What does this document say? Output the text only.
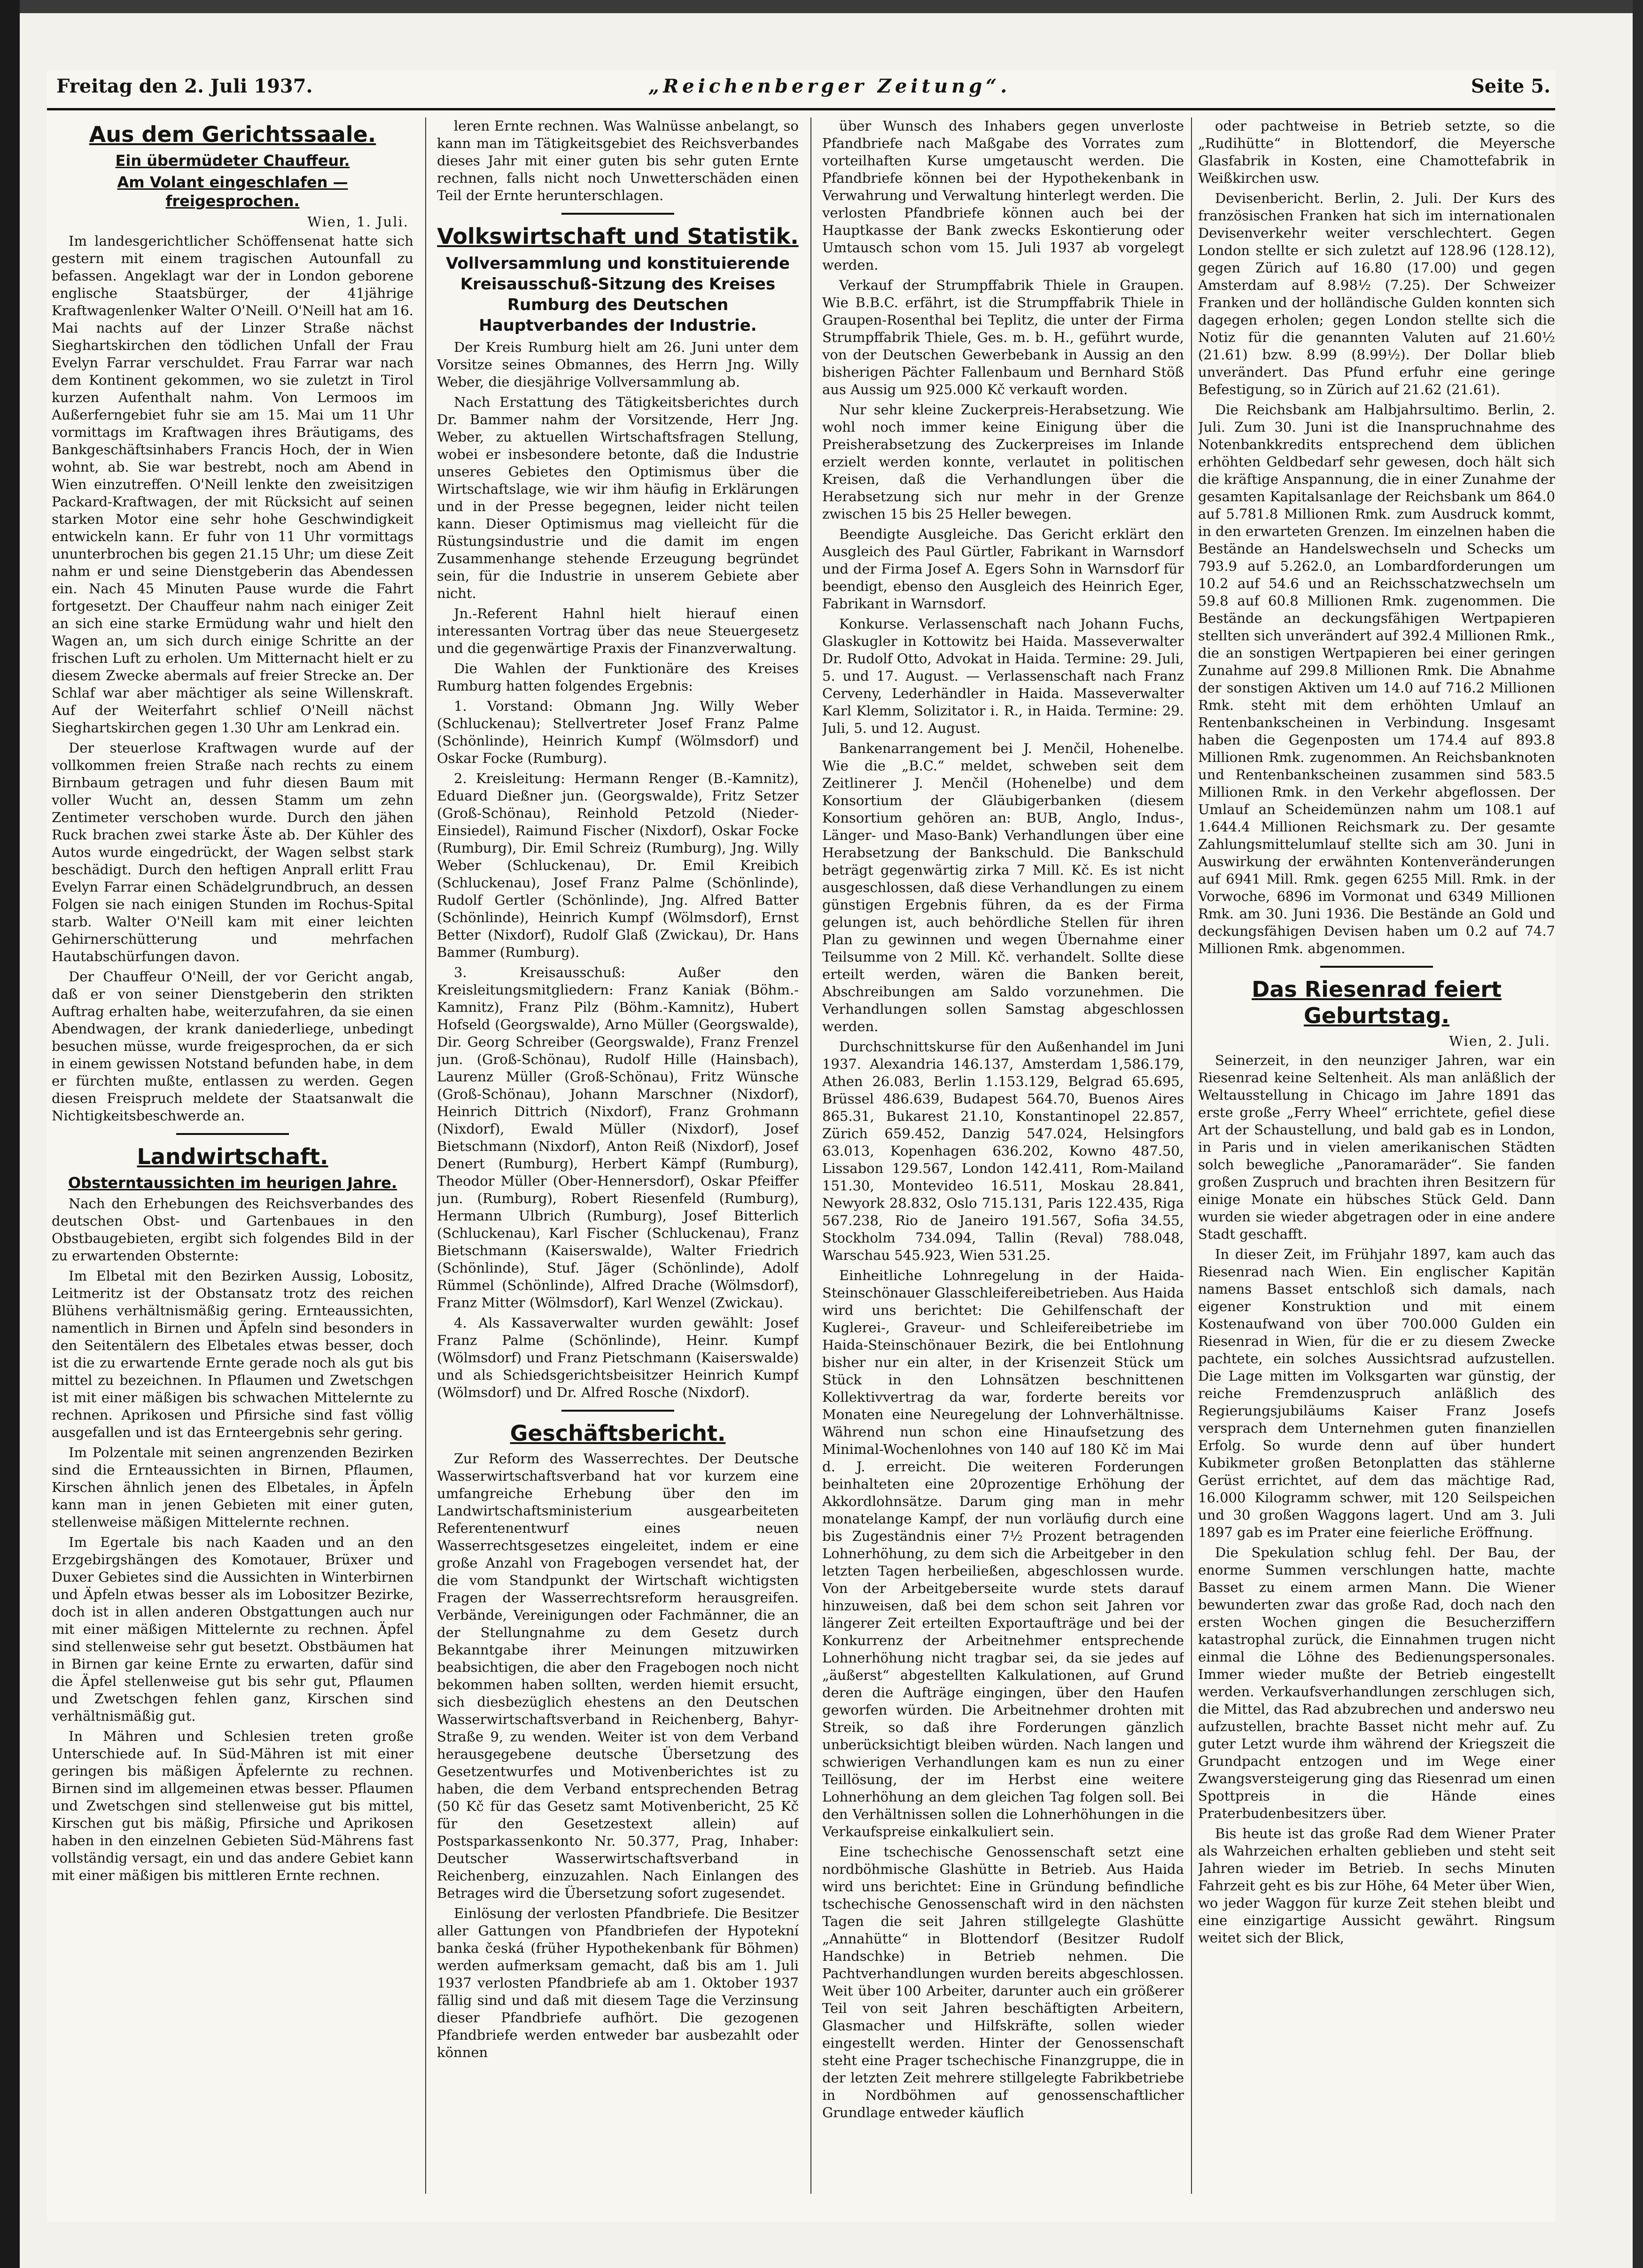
Freitag den 2. Juli 1937.	„Reichenberger Zeitung“.	Seite 5.
Aus dem Gerichtssaale.
Ein übermüdeter Chauffeur.
Am Volant eingeschlafen — freigesprochen.
Wien, 1. Juli.

Im landesgerichtlicher Schöffensenat hatte sich gestern mit einem tragischen Autounfall zu befassen. Angeklagt war der in London geborene englische Staatsbürger, der 41jährige Kraftwagenlenker Walter O'Neill. O'Neill hat am 16. Mai nachts auf der Linzer Straße nächst Sieghartskirchen den tödlichen Unfall der Frau Evelyn Farrar verschuldet. Frau Farrar war nach dem Kontinent gekommen, wo sie zuletzt in Tirol kurzen Aufenthalt nahm. Von Lermoos im Außerferngebiet fuhr sie am 15. Mai um 11 Uhr vormittags im Kraftwagen ihres Bräutigams, des Bankgeschäftsinhabers Francis Hoch, der in Wien wohnt, ab. Sie war bestrebt, noch am Abend in Wien einzutreffen. O'Neill lenkte den zweisitzigen Packard-Kraftwagen, der mit Rücksicht auf seinen starken Motor eine sehr hohe Geschwindigkeit entwickeln kann. Er fuhr von 11 Uhr vormittags ununterbrochen bis gegen 21.15 Uhr; um diese Zeit nahm er und seine Dienstgeberin das Abendessen ein. Nach 45 Minuten Pause wurde die Fahrt fortgesetzt. Der Chauffeur nahm nach einiger Zeit an sich eine starke Ermüdung wahr und hielt den Wagen an, um sich durch einige Schritte an der frischen Luft zu erholen. Um Mitternacht hielt er zu diesem Zwecke abermals auf freier Strecke an. Der Schlaf war aber mächtiger als seine Willenskraft. Auf der Weiterfahrt schlief O'Neill nächst Sieghartskirchen gegen 1.30 Uhr am Lenkrad ein.

Der steuerlose Kraftwagen wurde auf der vollkommen freien Straße nach rechts zu einem Birnbaum getragen und fuhr diesen Baum mit voller Wucht an, dessen Stamm um zehn Zentimeter verschoben wurde. Durch den jähen Ruck brachen zwei starke Äste ab. Der Kühler des Autos wurde eingedrückt, der Wagen selbst stark beschädigt. Durch den heftigen Anprall erlitt Frau Evelyn Farrar einen Schädelgrundbruch, an dessen Folgen sie nach einigen Stunden im Rochus-Spital starb. Walter O'Neill kam mit einer leichten Gehirnerschütterung und mehrfachen Hautabschürfungen davon.

Der Chauffeur O'Neill, der vor Gericht angab, daß er von seiner Dienstgeberin den strikten Auftrag erhalten habe, weiterzufahren, da sie einen Abendwagen, der krank daniederliege, unbedingt besuchen müsse, wurde freigesprochen, da er sich in einem gewissen Notstand befunden habe, in dem er fürchten mußte, entlassen zu werden. Gegen diesen Freispruch meldete der Staatsanwalt die Nichtigkeitsbeschwerde an.

Landwirtschaft.
Obsterntaussichten im heurigen Jahre.

Nach den Erhebungen des Reichsverbandes des deutschen Obst- und Gartenbaues in den Obstbaugebieten, ergibt sich folgendes Bild in der zu erwartenden Obsternte:

Im Elbetal mit den Bezirken Aussig, Lobositz, Leitmeritz ist der Obstansatz trotz des reichen Blühens verhältnismäßig gering. Ernteaussichten, namentlich in Birnen und Äpfeln sind besonders in den Seitentälern des Elbetales etwas besser, doch ist die zu erwartende Ernte gerade noch als gut bis mittel zu bezeichnen. In Pflaumen und Zwetschgen ist mit einer mäßigen bis schwachen Mittelernte zu rechnen. Aprikosen und Pfirsiche sind fast völlig ausgefallen und ist das Ernteergebnis sehr gering.

Im Polzentale mit seinen angrenzenden Bezirken sind die Ernteaussichten in Birnen, Pflaumen, Kirschen ähnlich jenen des Elbetales, in Äpfeln kann man in jenen Gebieten mit einer guten, stellenweise mäßigen Mittelernte rechnen.

Im Egertale bis nach Kaaden und an den Erzgebirgshängen des Komotauer, Brüxer und Duxer Gebietes sind die Aussichten in Winterbirnen und Äpfeln etwas besser als im Lobositzer Bezirke, doch ist in allen anderen Obstgattungen auch nur mit einer mäßigen Mittelernte zu rechnen. Äpfel sind stellenweise sehr gut besetzt. Obstbäumen hat in Birnen gar keine Ernte zu erwarten, dafür sind die Äpfel stellenweise gut bis sehr gut, Pflaumen und Zwetschgen fehlen ganz, Kirschen sind verhältnismäßig gut.

In Mähren und Schlesien treten große Unterschiede auf. In Süd-Mähren ist mit einer geringen bis mäßigen Äpfelernte zu rechnen. Birnen sind im allgemeinen etwas besser. Pflaumen und Zwetschgen sind stellenweise gut bis mittel, Kirschen gut bis mäßig, Pfirsiche und Aprikosen haben in den einzelnen Gebieten Süd-Mährens fast vollständig versagt, ein und das andere Gebiet kann mit einer mäßigen bis mittleren Ernte rechnen.

leren Ernte rechnen. Was Walnüsse anbelangt, so kann man im Tätigkeitsgebiet des Reichsverbandes dieses Jahr mit einer guten bis sehr guten Ernte rechnen, falls nicht noch Unwetterschäden einen Teil der Ernte herunterschlagen.

Volkswirtschaft und Statistik.
Vollversammlung und konstituierende Kreisausschuß-Sitzung des Kreises Rumburg des Deutschen Hauptverbandes der Industrie.

Der Kreis Rumburg hielt am 26. Juni unter dem Vorsitze seines Obmannes, des Herrn Jng. Willy Weber, die diesjährige Vollversammlung ab.

Nach Erstattung des Tätigkeitsberichtes durch Dr. Bammer nahm der Vorsitzende, Herr Jng. Weber, zu aktuellen Wirtschaftsfragen Stellung, wobei er insbesondere betonte, daß die Industrie unseres Gebietes den Optimismus über die Wirtschaftslage, wie wir ihm häufig in Erklärungen und in der Presse begegnen, leider nicht teilen kann. Dieser Optimismus mag vielleicht für die Rüstungsindustrie und die damit im engen Zusammenhange stehende Erzeugung begründet sein, für die Industrie in unserem Gebiete aber nicht.

Jn.-Referent Hahnl hielt hierauf einen interessanten Vortrag über das neue Steuergesetz und die gegenwärtige Praxis der Finanzverwaltung.

Die Wahlen der Funktionäre des Kreises Rumburg hatten folgendes Ergebnis:

1. Vorstand: Obmann Jng. Willy Weber (Schluckenau); Stellvertreter Josef Franz Palme (Schönlinde), Heinrich Kumpf (Wölmsdorf) und Oskar Focke (Rumburg).

2. Kreisleitung: Hermann Renger (B.-Kamnitz), Eduard Dießner jun. (Georgswalde), Fritz Setzer (Groß-Schönau), Reinhold Petzold (Nieder-Einsiedel), Raimund Fischer (Nixdorf), Oskar Focke (Rumburg), Dir. Emil Schreiz (Rumburg), Jng. Willy Weber (Schluckenau), Dr. Emil Kreibich (Schluckenau), Josef Franz Palme (Schönlinde), Rudolf Gertler (Schönlinde), Jng. Alfred Batter (Schönlinde), Heinrich Kumpf (Wölmsdorf), Ernst Better (Nixdorf), Rudolf Glaß (Zwickau), Dr. Hans Bammer (Rumburg).

3. Kreisausschuß: Außer den Kreisleitungsmitgliedern: Franz Kaniak (Böhm.-Kamnitz), Franz Pilz (Böhm.-Kamnitz), Hubert Hofseld (Georgswalde), Arno Müller (Georgswalde), Dir. Georg Schreiber (Georgswalde), Franz Frenzel jun. (Groß-Schönau), Rudolf Hille (Hainsbach), Laurenz Müller (Groß-Schönau), Fritz Wünsche (Groß-Schönau), Johann Marschner (Nixdorf), Heinrich Dittrich (Nixdorf), Franz Grohmann (Nixdorf), Ewald Müller (Nixdorf), Josef Bietschmann (Nixdorf), Anton Reiß (Nixdorf), Josef Denert (Rumburg), Herbert Kämpf (Rumburg), Theodor Müller (Ober-Hennersdorf), Oskar Pfeiffer jun. (Rumburg), Robert Riesenfeld (Rumburg), Hermann Ulbrich (Rumburg), Josef Bitterlich (Schluckenau), Karl Fischer (Schluckenau), Franz Bietschmann (Kaiserswalde), Walter Friedrich (Schönlinde), Stuf. Jäger (Schönlinde), Adolf Rümmel (Schönlinde), Alfred Drache (Wölmsdorf), Franz Mitter (Wölmsdorf), Karl Wenzel (Zwickau).

4. Als Kassaverwalter wurden gewählt: Josef Franz Palme (Schönlinde), Heinr. Kumpf (Wölmsdorf) und Franz Pietschmann (Kaiserswalde) und als Schiedsgerichtsbeisitzer Heinrich Kumpf (Wölmsdorf) und Dr. Alfred Rosche (Nixdorf).

Geschäftsbericht.

Zur Reform des Wasserrechtes. Der Deutsche Wasserwirtschaftsverband hat vor kurzem eine umfangreiche Erhebung über den im Landwirtschaftsministerium ausgearbeiteten Referentenentwurf eines neuen Wasserrechtsgesetzes eingeleitet, indem er eine große Anzahl von Fragebogen versendet hat, der die vom Standpunkt der Wirtschaft wichtigsten Fragen der Wasserrechtsreform herausgreifen. Verbände, Vereinigungen oder Fachmänner, die an der Stellungnahme zu dem Gesetz durch Bekanntgabe ihrer Meinungen mitzuwirken beabsichtigen, die aber den Fragebogen noch nicht bekommen haben sollten, werden hiemit ersucht, sich diesbezüglich ehestens an den Deutschen Wasserwirtschaftsverband in Reichenberg, Bahyr-Straße 9, zu wenden. Weiter ist von dem Verband herausgegebene deutsche Übersetzung des Gesetzentwurfes und Motivenberichtes ist zu haben, die dem Verband entsprechenden Betrag (50 Kč für das Gesetz samt Motivenbericht, 25 Kč für den Gesetzestext allein) auf Postsparkassenkonto Nr. 50.377, Prag, Inhaber: Deutscher Wasserwirtschaftsverband in Reichenberg, einzuzahlen. Nach Einlangen des Betrages wird die Übersetzung sofort zugesendet.

Einlösung der verlosten Pfandbriefe. Die Besitzer aller Gattungen von Pfandbriefen der Hypotekní banka česká (früher Hypothekenbank für Böhmen) werden aufmerksam gemacht, daß bis am 1. Juli 1937 verlosten Pfandbriefe ab am 1. Oktober 1937 fällig sind und daß mit diesem Tage die Verzinsung dieser Pfandbriefe aufhört. Die gezogenen Pfandbriefe werden entweder bar ausbezahlt oder können

über Wunsch des Inhabers gegen unverloste Pfandbriefe nach Maßgabe des Vorrates zum vorteilhaften Kurse umgetauscht werden. Die Pfandbriefe können bei der Hypothekenbank in Verwahrung und Verwaltung hinterlegt werden. Die verlosten Pfandbriefe können auch bei der Hauptkasse der Bank zwecks Eskontierung oder Umtausch schon vom 15. Juli 1937 ab vorgelegt werden.

Verkauf der Strumpffabrik Thiele in Graupen. Wie B.B.C. erfährt, ist die Strumpffabrik Thiele in Graupen-Rosenthal bei Teplitz, die unter der Firma Strumpffabrik Thiele, Ges. m. b. H., geführt wurde, von der Deutschen Gewerbebank in Aussig an den bisherigen Pächter Fallenbaum und Bernhard Stöß aus Aussig um 925.000 Kč verkauft worden.

Nur sehr kleine Zuckerpreis-Herabsetzung. Wie wohl noch immer keine Einigung über die Preisherabsetzung des Zuckerpreises im Inlande erzielt werden konnte, verlautet in politischen Kreisen, daß die Verhandlungen über die Herabsetzung sich nur mehr in der Grenze zwischen 15 bis 25 Heller bewegen.

Beendigte Ausgleiche. Das Gericht erklärt den Ausgleich des Paul Gürtler, Fabrikant in Warnsdorf und der Firma Josef A. Egers Sohn in Warnsdorf für beendigt, ebenso den Ausgleich des Heinrich Eger, Fabrikant in Warnsdorf.

Konkurse. Verlassenschaft nach Johann Fuchs, Glaskugler in Kottowitz bei Haida. Masseverwalter Dr. Rudolf Otto, Advokat in Haida. Termine: 29. Juli, 5. und 17. August. — Verlassenschaft nach Franz Cerveny, Lederhändler in Haida. Masseverwalter Karl Klemm, Solizitator i. R., in Haida. Termine: 29. Juli, 5. und 12. August.

Bankenarrangement bei J. Menčil, Hohenelbe. Wie die „B.C.“ meldet, schweben seit dem Zeitlinerer J. Menčil (Hohenelbe) und dem Konsortium der Gläubigerbanken (diesem Konsortium gehören an: BUB, Anglo, Indus-, Länger- und Maso-Bank) Verhandlungen über eine Herabsetzung der Bankschuld. Die Bankschuld beträgt gegenwärtig zirka 7 Mill. Kč. Es ist nicht ausgeschlossen, daß diese Verhandlungen zu einem günstigen Ergebnis führen, da es der Firma gelungen ist, auch behördliche Stellen für ihren Plan zu gewinnen und wegen Übernahme einer Teilsumme von 2 Mill. Kč. verhandelt. Sollte diese erteilt werden, wären die Banken bereit, Abschreibungen am Saldo vorzunehmen. Die Verhandlungen sollen Samstag abgeschlossen werden.

Durchschnittskurse für den Außenhandel im Juni 1937. Alexandria 146.137, Amsterdam 1,586.179, Athen 26.083, Berlin 1.153.129, Belgrad 65.695, Brüssel 486.639, Budapest 564.70, Buenos Aires 865.31, Bukarest 21.10, Konstantinopel 22.857, Zürich 659.452, Danzig 547.024, Helsingfors 63.013, Kopenhagen 636.202, Kowno 487.50, Lissabon 129.567, London 142.411, Rom-Mailand 151.30, Montevideo 16.511, Moskau 28.841, Newyork 28.832, Oslo 715.131, Paris 122.435, Riga 567.238, Rio de Janeiro 191.567, Sofia 34.55, Stockholm 734.094, Tallin (Reval) 788.048, Warschau 545.923, Wien 531.25.

Einheitliche Lohnregelung in der Haida-Steinschönauer Glasschleifereibetrieben. Aus Haida wird uns berichtet: Die Gehilfenschaft der Kuglerei-, Graveur- und Schleifereibetriebe im Haida-Steinschönauer Bezirk, die bei Entlohnung bisher nur ein alter, in der Krisenzeit Stück um Stück in den Lohnsätzen beschnittenen Kollektivvertrag da war, forderte bereits vor Monaten eine Neuregelung der Lohnverhältnisse. Während nun schon eine Hinaufsetzung des Minimal-Wochenlohnes von 140 auf 180 Kč im Mai d. J. erreicht. Die weiteren Forderungen beinhalteten eine 20prozentige Erhöhung der Akkordlohnsätze. Darum ging man in mehr monatelange Kampf, der nun vorläufig durch eine bis Zugeständnis einer 7½ Prozent betragenden Lohnerhöhung, zu dem sich die Arbeitgeber in den letzten Tagen herbeiließen, abgeschlossen wurde. Von der Arbeitgeberseite wurde stets darauf hinzuweisen, daß bei dem schon seit Jahren vor längerer Zeit erteilten Exportaufträge und bei der Konkurrenz der Arbeitnehmer entsprechende Lohnerhöhung nicht tragbar sei, da sie jedes auf „äußerst“ abgestellten Kalkulationen, auf Grund deren die Aufträge eingingen, über den Haufen geworfen würden. Die Arbeitnehmer drohten mit Streik, so daß ihre Forderungen gänzlich unberücksichtigt bleiben würden. Nach langen und schwierigen Verhandlungen kam es nun zu einer Teillösung, der im Herbst eine weitere Lohnerhöhung an dem gleichen Tag folgen soll. Bei den Verhältnissen sollen die Lohnerhöhungen in die Verkaufspreise einkalkuliert sein.

Eine tschechische Genossenschaft setzt eine nordböhmische Glashütte in Betrieb. Aus Haida wird uns berichtet: Eine in Gründung befindliche tschechische Genossenschaft wird in den nächsten Tagen die seit Jahren stillgelegte Glashütte „Annahütte“ in Blottendorf (Besitzer Rudolf Handschke) in Betrieb nehmen. Die Pachtverhandlungen wurden bereits abgeschlossen. Weit über 100 Arbeiter, darunter auch ein größerer Teil von seit Jahren beschäftigten Arbeitern, Glasmacher und Hilfskräfte, sollen wieder eingestellt werden. Hinter der Genossenschaft steht eine Prager tschechische Finanzgruppe, die in der letzten Zeit mehrere stillgelegte Fabrikbetriebe in Nordböhmen auf genossenschaftlicher Grundlage entweder käuflich

oder pachtweise in Betrieb setzte, so die „Rudihütte“ in Blottendorf, die Meyersche Glasfabrik in Kosten, eine Chamottefabrik in Weißkirchen usw.

Devisenbericht. Berlin, 2. Juli. Der Kurs des französischen Franken hat sich im internationalen Devisenverkehr weiter verschlechtert. Gegen London stellte er sich zuletzt auf 128.96 (128.12), gegen Zürich auf 16.80 (17.00) und gegen Amsterdam auf 8.98½ (7.25). Der Schweizer Franken und der holländische Gulden konnten sich dagegen erholen; gegen London stellte sich die Notiz für die genannten Valuten auf 21.60½ (21.61) bzw. 8.99 (8.99½). Der Dollar blieb unverändert. Das Pfund erfuhr eine geringe Befestigung, so in Zürich auf 21.62 (21.61).

Die Reichsbank am Halbjahrsultimo. Berlin, 2. Juli. Zum 30. Juni ist die Inanspruchnahme des Notenbankkredits entsprechend dem üblichen erhöhten Geldbedarf sehr gewesen, doch hält sich die kräftige Anspannung, die in einer Zunahme der gesamten Kapitalsanlage der Reichsbank um 864.0 auf 5.781.8 Millionen Rmk. zum Ausdruck kommt, in den erwarteten Grenzen. Im einzelnen haben die Bestände an Handelswechseln und Schecks um 793.9 auf 5.262.0, an Lombardforderungen um 10.2 auf 54.6 und an Reichsschatzwechseln um 59.8 auf 60.8 Millionen Rmk. zugenommen. Die Bestände an deckungsfähigen Wertpapieren stellten sich unverändert auf 392.4 Millionen Rmk., die an sonstigen Wertpapieren bei einer geringen Zunahme auf 299.8 Millionen Rmk. Die Abnahme der sonstigen Aktiven um 14.0 auf 716.2 Millionen Rmk. steht mit dem erhöhten Umlauf an Rentenbankscheinen in Verbindung. Insgesamt haben die Gegenposten um 174.4 auf 893.8 Millionen Rmk. zugenommen. An Reichsbanknoten und Rentenbankscheinen zusammen sind 583.5 Millionen Rmk. in den Verkehr abgeflossen. Der Umlauf an Scheidemünzen nahm um 108.1 auf 1.644.4 Millionen Reichsmark zu. Der gesamte Zahlungsmittelumlauf stellte sich am 30. Juni in Auswirkung der erwähnten Kontenveränderungen auf 6941 Mill. Rmk. gegen 6255 Mill. Rmk. in der Vorwoche, 6896 im Vormonat und 6349 Millionen Rmk. am 30. Juni 1936. Die Bestände an Gold und deckungsfähigen Devisen haben um 0.2 auf 74.7 Millionen Rmk. abgenommen.

Das Riesenrad feiert Geburtstag.
Wien, 2. Juli.

Seinerzeit, in den neunziger Jahren, war ein Riesenrad keine Seltenheit. Als man anläßlich der Weltausstellung in Chicago im Jahre 1891 das erste große „Ferry Wheel“ errichtete, gefiel diese Art der Schaustellung, und bald gab es in London, in Paris und in vielen amerikanischen Städten solch bewegliche „Panoramaräder“. Sie fanden großen Zuspruch und brachten ihren Besitzern für einige Monate ein hübsches Stück Geld. Dann wurden sie wieder abgetragen oder in eine andere Stadt geschafft.

In dieser Zeit, im Frühjahr 1897, kam auch das Riesenrad nach Wien. Ein englischer Kapitän namens Basset entschloß sich damals, nach eigener Konstruktion und mit einem Kostenaufwand von über 700.000 Gulden ein Riesenrad in Wien, für die er zu diesem Zwecke pachtete, ein solches Aussichtsrad aufzustellen. Die Lage mitten im Volksgarten war günstig, der reiche Fremdenzuspruch anläßlich des Regierungsjubiläums Kaiser Franz Josefs versprach dem Unternehmen guten finanziellen Erfolg. So wurde denn auf über hundert Kubikmeter großen Betonplatten das stählerne Gerüst errichtet, auf dem das mächtige Rad, 16.000 Kilogramm schwer, mit 120 Seilspeichen und 30 großen Waggons lagert. Und am 3. Juli 1897 gab es im Prater eine feierliche Eröffnung.

Die Spekulation schlug fehl. Der Bau, der enorme Summen verschlungen hatte, machte Basset zu einem armen Mann. Die Wiener bewunderten zwar das große Rad, doch nach den ersten Wochen gingen die Besucherziffern katastrophal zurück, die Einnahmen trugen nicht einmal die Löhne des Bedienungspersonales. Immer wieder mußte der Betrieb eingestellt werden. Verkaufsverhandlungen zerschlugen sich, die Mittel, das Rad abzubrechen und anderswo neu aufzustellen, brachte Basset nicht mehr auf. Zu guter Letzt wurde ihm während der Kriegszeit die Grundpacht entzogen und im Wege einer Zwangsversteigerung ging das Riesenrad um einen Spottpreis in die Hände eines Praterbudenbesitzers über.

Bis heute ist das große Rad dem Wiener Prater als Wahrzeichen erhalten geblieben und steht seit Jahren wieder im Betrieb. In sechs Minuten Fahrzeit geht es bis zur Höhe, 64 Meter über Wien, wo jeder Waggon für kurze Zeit stehen bleibt und eine einzigartige Aussicht gewährt. Ringsum weitet sich der Blick,
